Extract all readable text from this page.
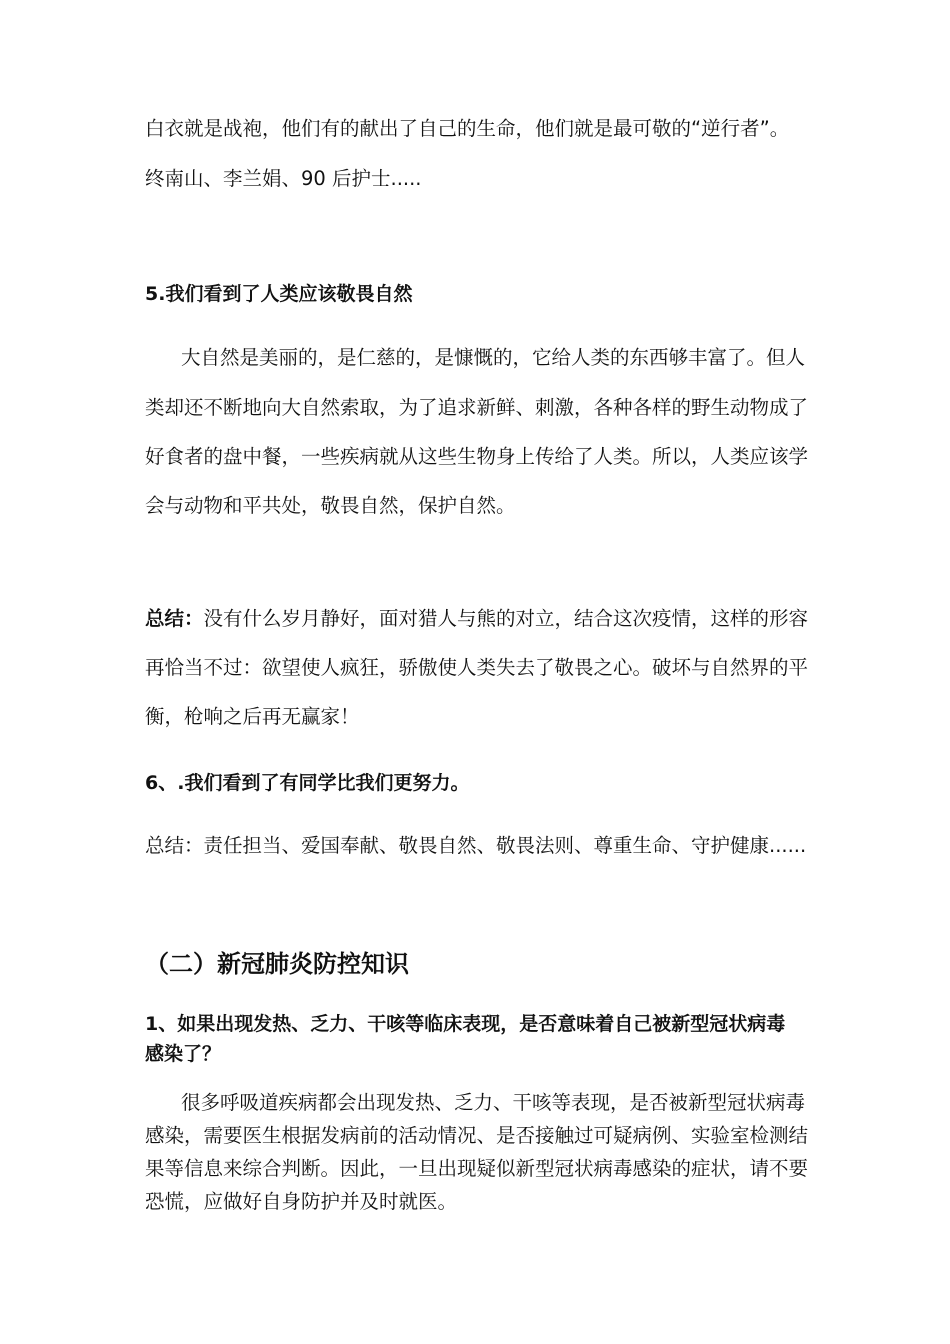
白衣就是战袍，他们有的献出了自己的生命，他们就是最可敬的“逆行者”。
终南山、李兰娟、90 后护士.....
5.我们看到了人类应该敬畏自然
大自然是美丽的，是仁慈的，是慷慨的，它给人类的东西够丰富了。但人
类却还不断地向大自然索取，为了追求新鲜、刺激，各种各样的野生动物成了
好食者的盘中餐，一些疾病就从这些生物身上传给了人类。所以，人类应该学
会与动物和平共处，敬畏自然，保护自然。
总结：没有什么岁月静好，面对猎人与熊的对立，结合这次疫情，这样的形容
再恰当不过：欲望使人疯狂，骄傲使人类失去了敬畏之心。破坏与自然界的平
衡，枪响之后再无赢家！
6、.我们看到了有同学比我们更努力。
总结：责任担当、爱国奉献、敬畏自然、敬畏法则、尊重生命、守护健康......
（二）新冠肺炎防控知识
1、如果出现发热、乏力、干咳等临床表现，是否意味着自己被新型冠状病毒
感染了？
很多呼吸道疾病都会出现发热、乏力、干咳等表现，是否被新型冠状病毒
感染，需要医生根据发病前的活动情况、是否接触过可疑病例、实验室检测结
果等信息来综合判断。因此，一旦出现疑似新型冠状病毒感染的症状，请不要
恐慌，应做好自身防护并及时就医。
